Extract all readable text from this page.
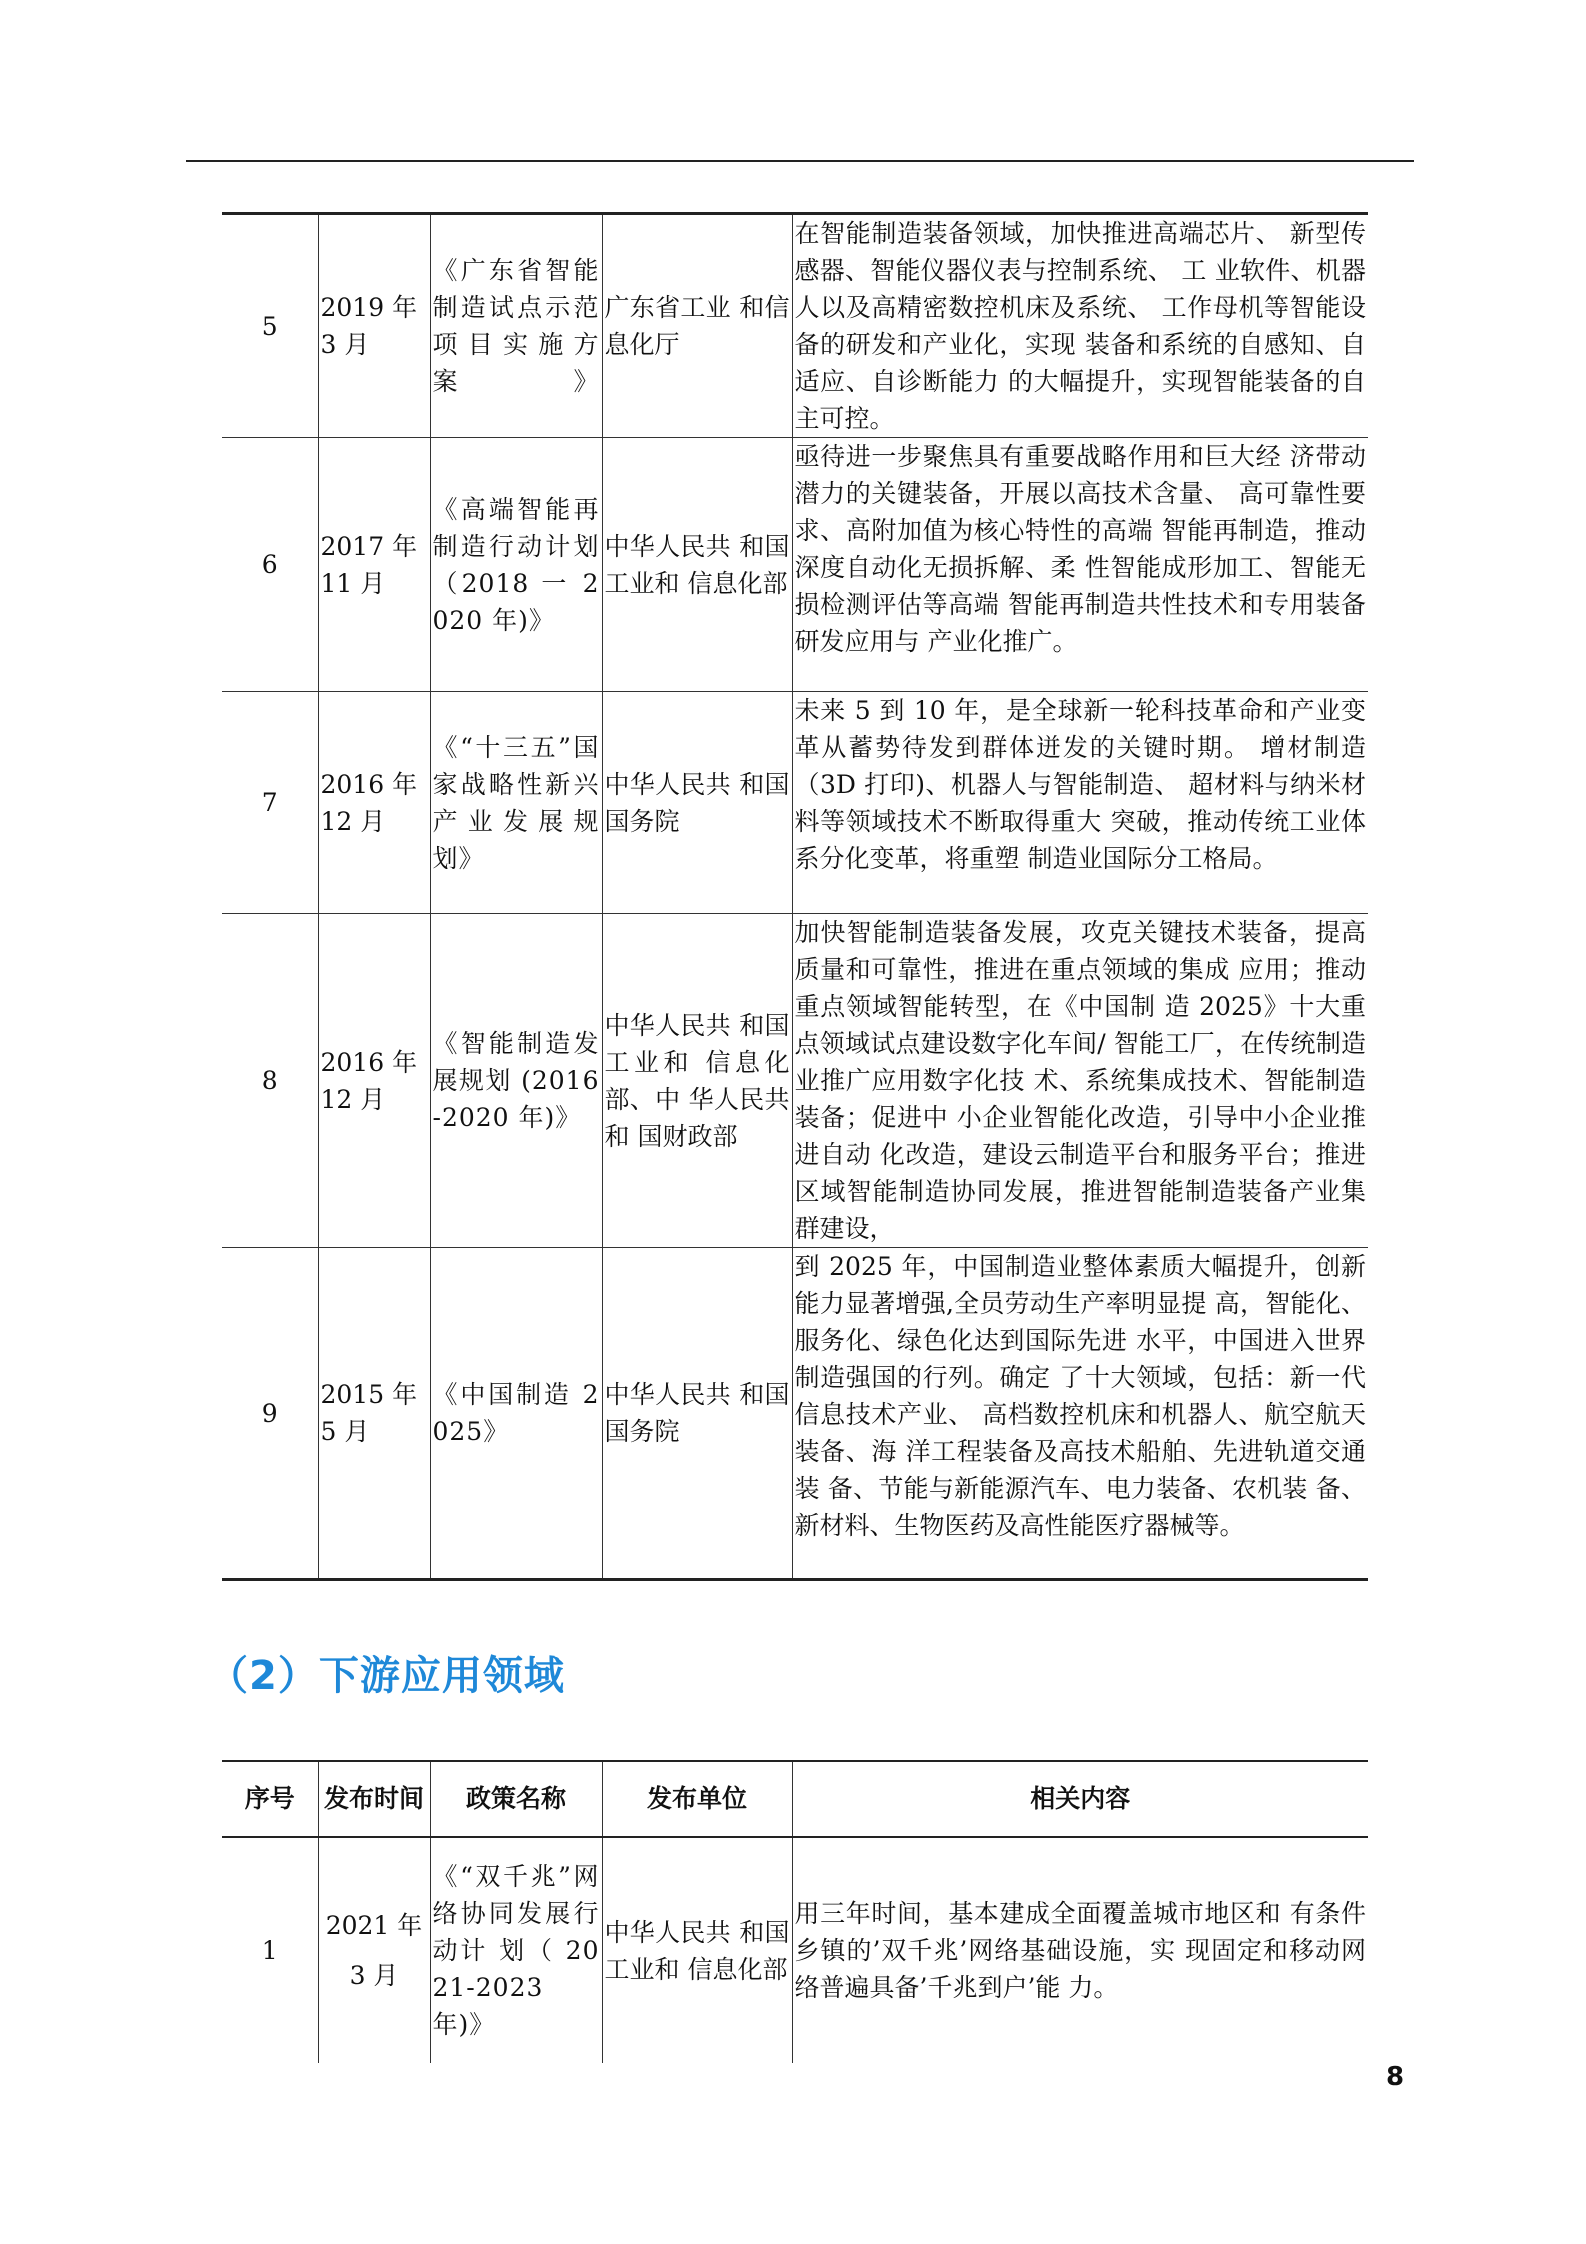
5	2019 年 3 月	《广东省智能制造试点示范项目实施方案》	广东省工业 和信息化厅	在智能制造装备领域，加快推进高端芯片、 新型传感器、智能仪器仪表与控制系统、 工 业软件、机器人以及高精密数控机床及系统、 工作母机等智能设备的研发和产业化，实现 装备和系统的自感知、自适应、自诊断能力 的大幅提升，实现智能装备的自主可控。
6	2017 年 11 月	《高端智能再制造行动计划（2018 一 2020 年)》	中华人民共 和国工业和 信息化部	亟待进一步聚焦具有重要战略作用和巨大经 济带动潜力的关键装备，开展以高技术含量、 高可靠性要求、高附加值为核心特性的高端 智能再制造，推动深度自动化无损拆解、柔 性智能成形加工、智能无损检测评估等高端 智能再制造共性技术和专用装备研发应用与 产业化推广。
7	2016 年 12 月	《“十三五”国家战略性新兴产业发展规划》	中华人民共 和国国务院	未来 5 到 10 年，是全球新一轮科技革命和产业变革从蓄势待发到群体迸发的关键时期。 增材制造（3D 打印)、机器人与智能制造、 超材料与纳米材料等领域技术不断取得重大 突破，推动传统工业体系分化变革，将重塑 制造业国际分工格局。
8	2016 年 12 月	《智能制造发展规划 (2016-2020 年)》	中华人民共 和国工业和 信息化部、中 华人民共和 国财政部	加快智能制造装备发展，攻克关键技术装备，提高质量和可靠性，推进在重点领域的集成 应用；推动重点领域智能转型，在《中国制 造 2025》十大重点领域试点建设数字化车间/ 智能工厂，在传统制造业推广应用数字化技 术、系统集成技术、智能制造装备；促进中 小企业智能化改造，引导中小企业推进自动 化改造，建设云制造平台和服务平台；推进 区域智能制造协同发展，推进智能制造装备产业集群建设，
9	2015 年 5 月	《中国制造 2025》	中华人民共 和国国务院	到 2025 年，中国制造业整体素质大幅提升，创新能力显著增强,全员劳动生产率明显提 高，智能化、服务化、绿色化达到国际先进 水平，中国进入世界制造强国的行列。确定 了十大领域，包括：新一代信息技术产业、 高档数控机床和机器人、航空航天装备、海 洋工程装备及高技术船舶、先进轨道交通装 备、节能与新能源汽车、电力装备、农机装 备、新材料、生物医药及高性能医疗器械等。
（2）下游应用领域
序号	发布时间	政策名称	发布单位	相关内容
1	2021 年 3 月	《“双千兆”网络协同发展行动计 划（ 2021-2023 年)》	中华人民共 和国工业和 信息化部	用三年时间，基本建成全面覆盖城市地区和 有条件乡镇的’双千兆’网络基础设施，实 现固定和移动网络普遍具备’千兆到户’能 力。
8
